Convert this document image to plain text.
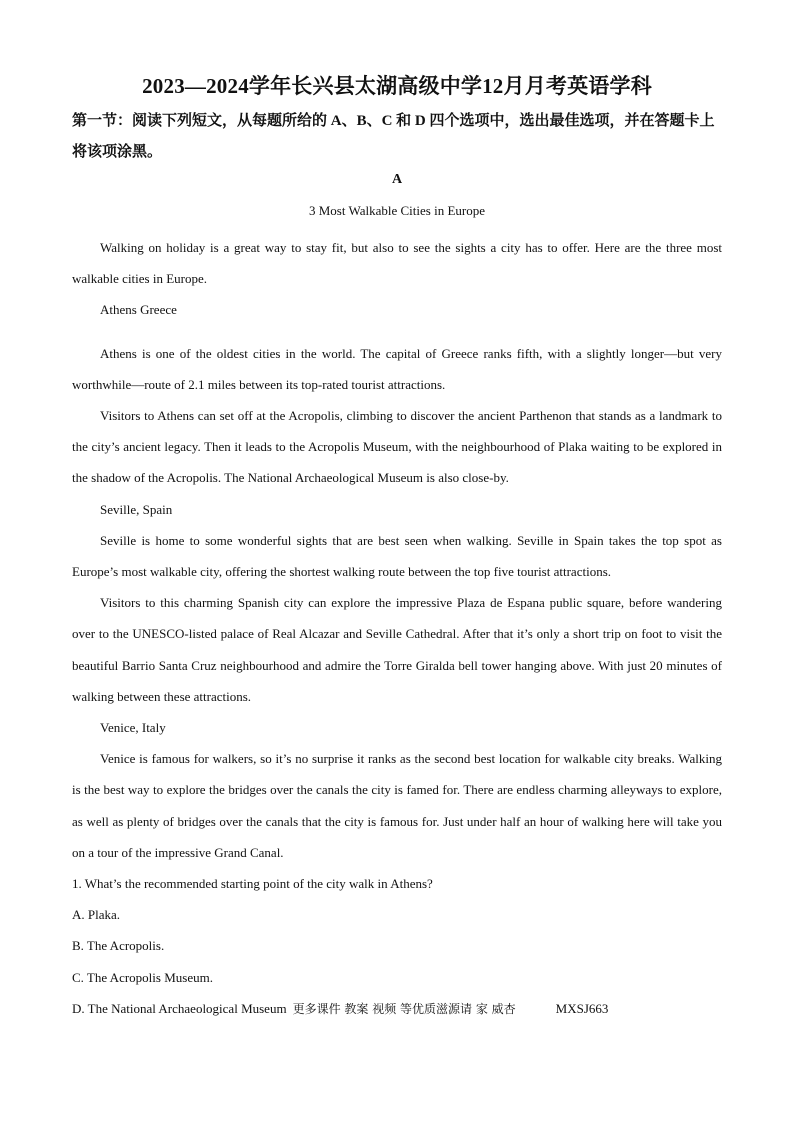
2023—2024学年长兴县太湖高级中学12月月考英语学科
第一节：阅读下列短文，从每题所给的 A、B、C 和 D 四个选项中，选出最佳选项，并在答题卡上将该项涂黑。
A
3 Most Walkable Cities in Europe

Walking on holiday is a great way to stay fit, but also to see the sights a city has to offer. Here are the three most walkable cities in Europe.

Athens Greece

Athens is one of the oldest cities in the world. The capital of Greece ranks fifth, with a slightly longer—but very worthwhile—route of 2.1 miles between its top-rated tourist attractions.

Visitors to Athens can set off at the Acropolis, climbing to discover the ancient Parthenon that stands as a landmark to the city’s ancient legacy. Then it leads to the Acropolis Museum, with the neighbourhood of Plaka waiting to be explored in the shadow of the Acropolis. The National Archaeological Museum is also close-by.

Seville, Spain

Seville is home to some wonderful sights that are best seen when walking. Seville in Spain takes the top spot as Europe’s most walkable city, offering the shortest walking route between the top five tourist attractions.

Visitors to this charming Spanish city can explore the impressive Plaza de Espana public square, before wandering over to the UNESCO-listed palace of Real Alcazar and Seville Cathedral. After that it’s only a short trip on foot to visit the beautiful Barrio Santa Cruz neighbourhood and admire the Torre Giralda bell tower hanging above. With just 20 minutes of walking between these attractions.

Venice, Italy

Venice is famous for walkers, so it’s no surprise it ranks as the second best location for walkable city breaks. Walking is the best way to explore the bridges over the canals the city is famed for. There are endless charming alleyways to explore, as well as plenty of bridges over the canals that the city is famous for. Just under half an hour of walking here will take you on a tour of the impressive Grand Canal.

1. What’s the recommended starting point of the city walk in Athens?
A. Plaka.
B. The Acropolis.
C. The Acropolis Museum.
D. The National Archaeological Museum 更多课件 教案 视频 等优质滋源请 家 威杏	MXSJ663
